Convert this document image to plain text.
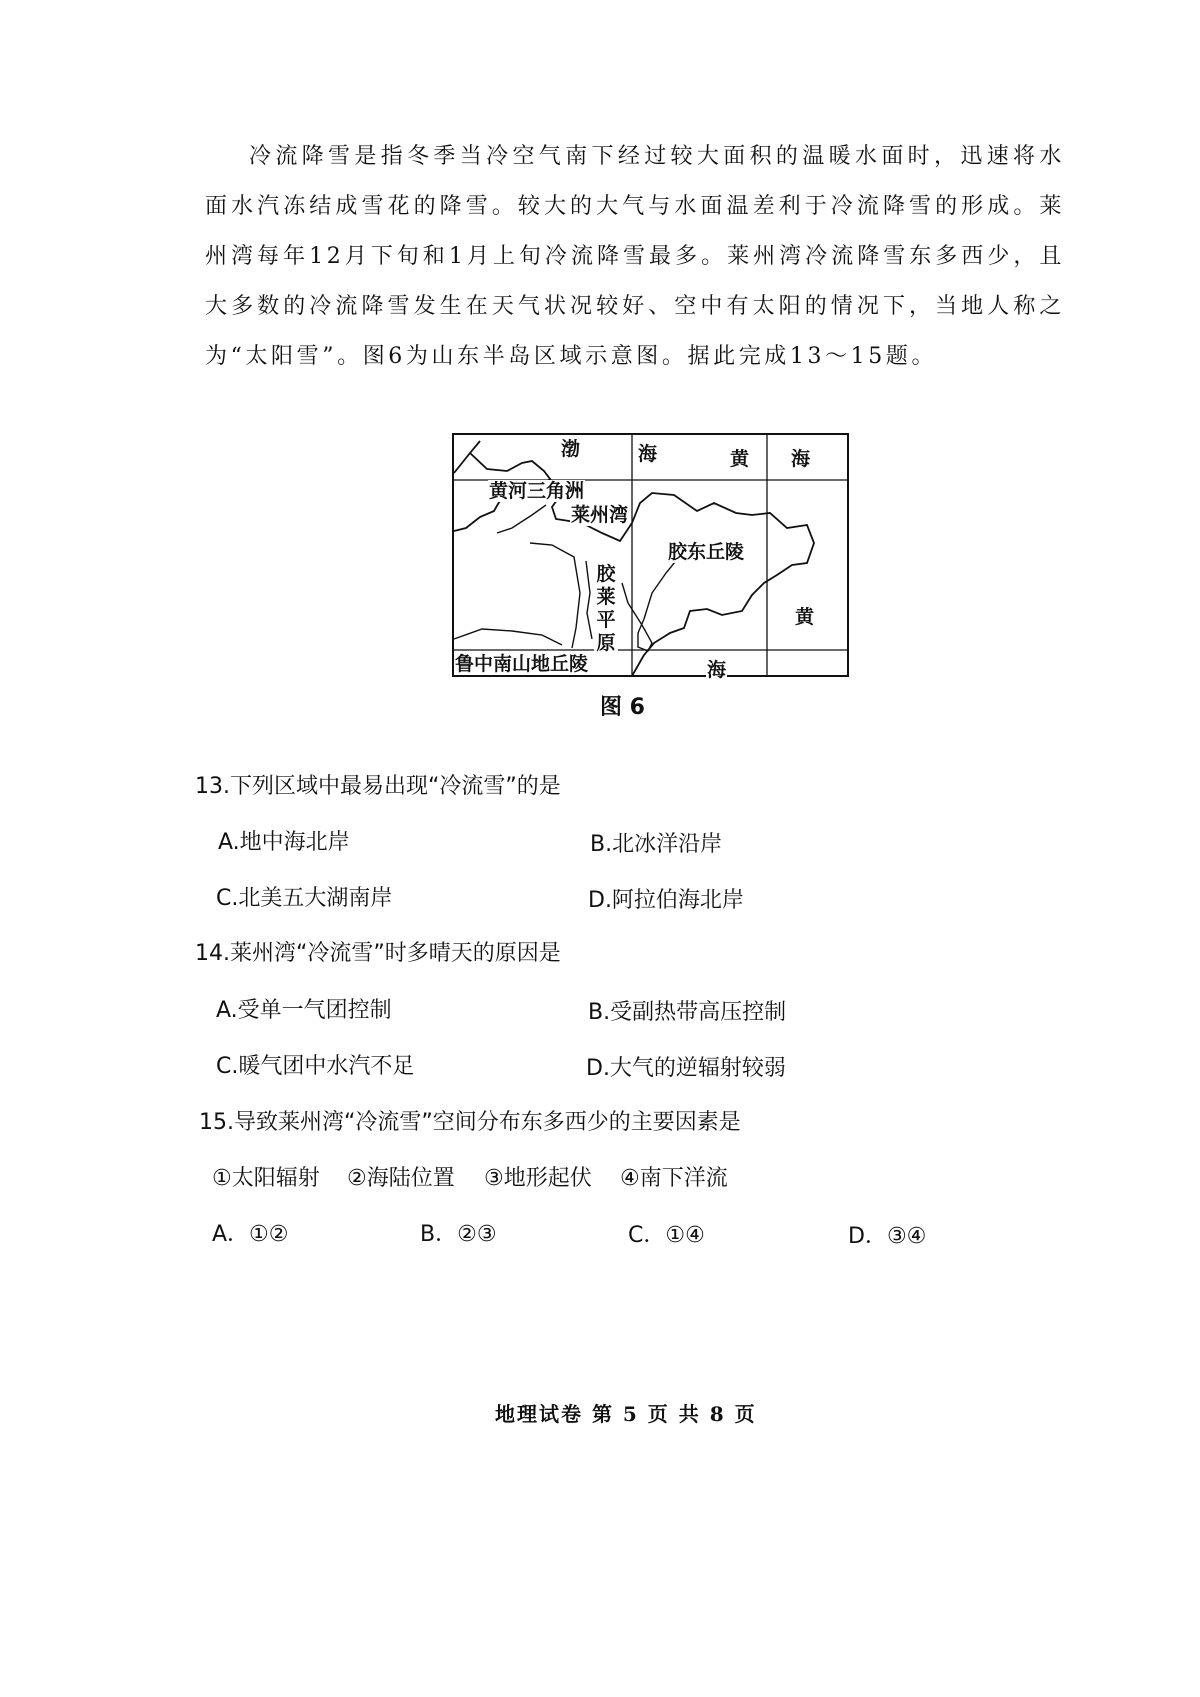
冷流降雪是指冬季当冷空气南下经过较大面积的温暖水面时，迅速将水面水汽冻结成雪花的降雪。较大的大气与水面温差利于冷流降雪的形成。莱州湾每年12月下旬和1月上旬冷流降雪最多。莱州湾冷流降雪东多西少，且大多数的冷流降雪发生在天气状况较好、空中有太阳的情况下，当地人称之为“太阳雪”。图6为山东半岛区域示意图。据此完成13～15题。

渤	海	黄 海
黄
海
黄河三角洲
莱州湾
胶东丘陵
胶莱平原
鲁中南山地丘陵
图 6
13.下列区域中最易出现“冷流雪”的是
A.地中海北岸	B.北冰洋沿岸
C.北美五大湖南岸	D.阿拉伯海北岸
14.莱州湾“冷流雪”时多晴天的原因是
A.受单一气团控制	B.受副热带高压控制
C.暖气团中水汽不足	D.大气的逆辐射较弱
15.导致莱州湾“冷流雪”空间分布东多西少的主要因素是
①太阳辐射 ②海陆位置 ③地形起伏 ④南下洋流
A．①②	B．②③	C．①④	D．③④
地理试卷 第 5 页 共 8 页
